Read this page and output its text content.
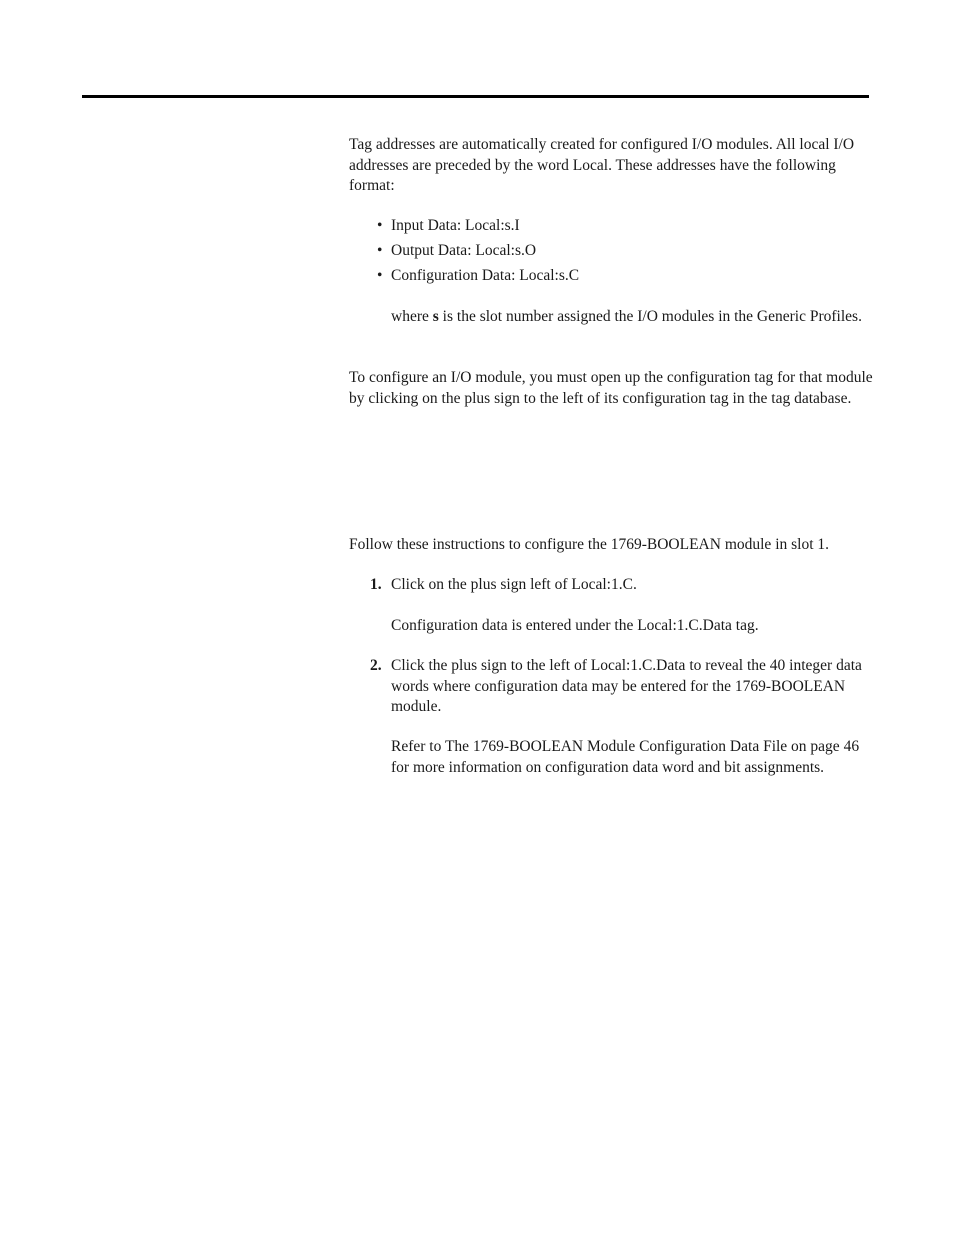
Tag addresses are automatically created for configured I/O modules. All local I/O addresses are preceded by the word Local. These addresses have the following format:

• Input Data: Local:s.I
• Output Data: Local:s.O
• Configuration Data: Local:s.C

where s is the slot number assigned the I/O modules in the Generic Profiles.

To configure an I/O module, you must open up the configuration tag for that module by clicking on the plus sign to the left of its configuration tag in the tag database.

Follow these instructions to configure the 1769-BOOLEAN module in slot 1.

1. Click on the plus sign left of Local:1.C.

Configuration data is entered under the Local:1.C.Data tag.

2. Click the plus sign to the left of Local:1.C.Data to reveal the 40 integer data words where configuration data may be entered for the 1769-BOOLEAN module.

Refer to The 1769-BOOLEAN Module Configuration Data File on page 46 for more information on configuration data word and bit assignments.
